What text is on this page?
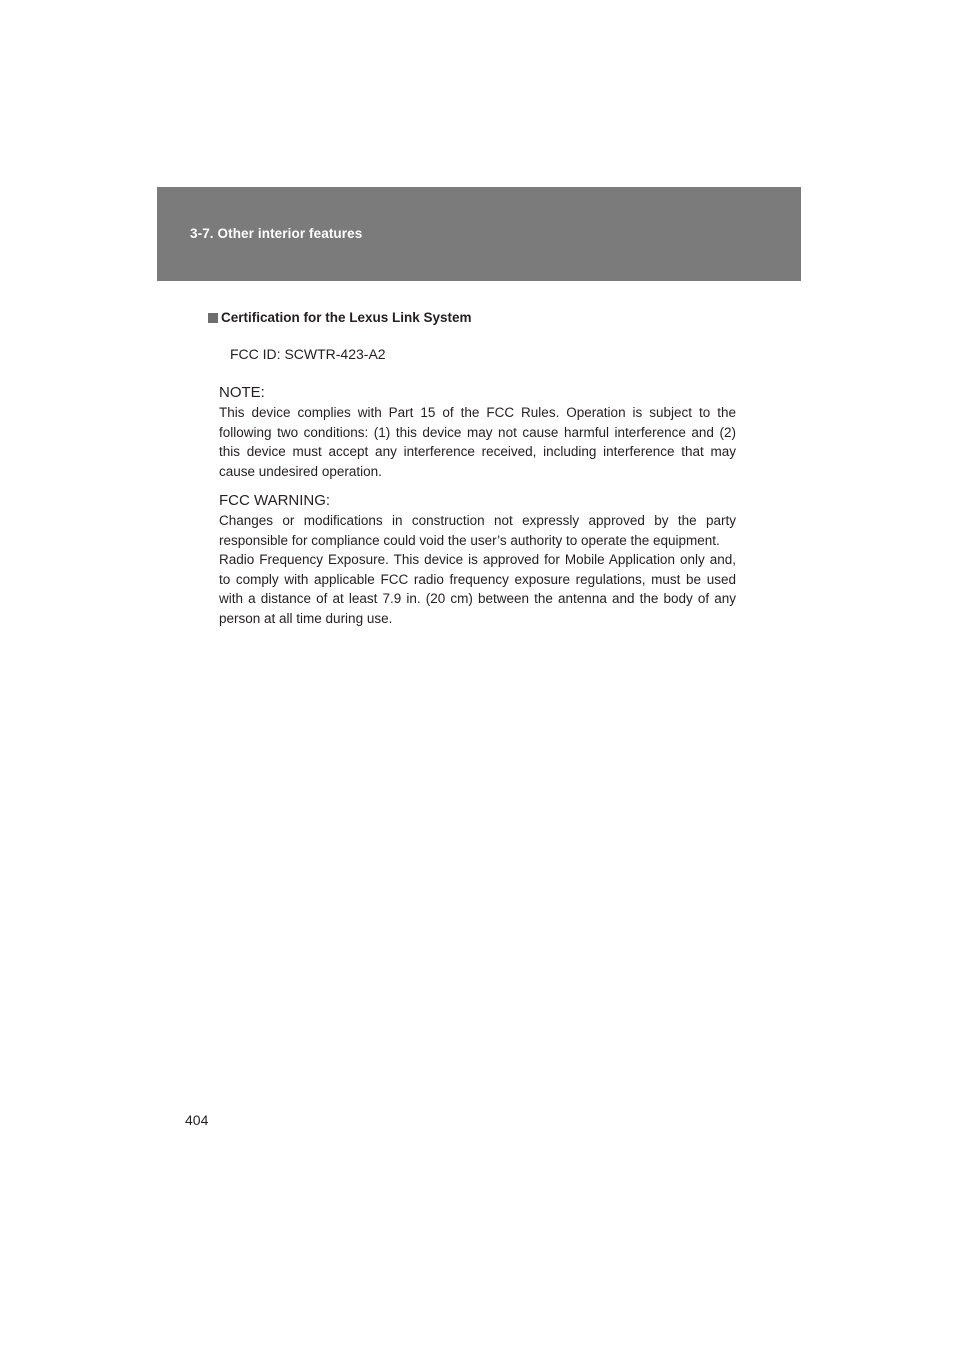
3-7. Other interior features
Certification for the Lexus Link System
FCC ID: SCWTR-423-A2
NOTE:

This device complies with Part 15 of the FCC Rules. Operation is subject to the following two conditions: (1) this device may not cause harmful interference and (2) this device must accept any interference received, including interference that may cause undesired operation.

FCC WARNING:

Changes or modifications in construction not expressly approved by the party responsible for compliance could void the user’s authority to operate the equipment.

Radio Frequency Exposure. This device is approved for Mobile Application only and, to comply with applicable FCC radio frequency exposure regulations, must be used with a distance of at least 7.9 in. (20 cm) between the antenna and the body of any person at all time during use.

404
